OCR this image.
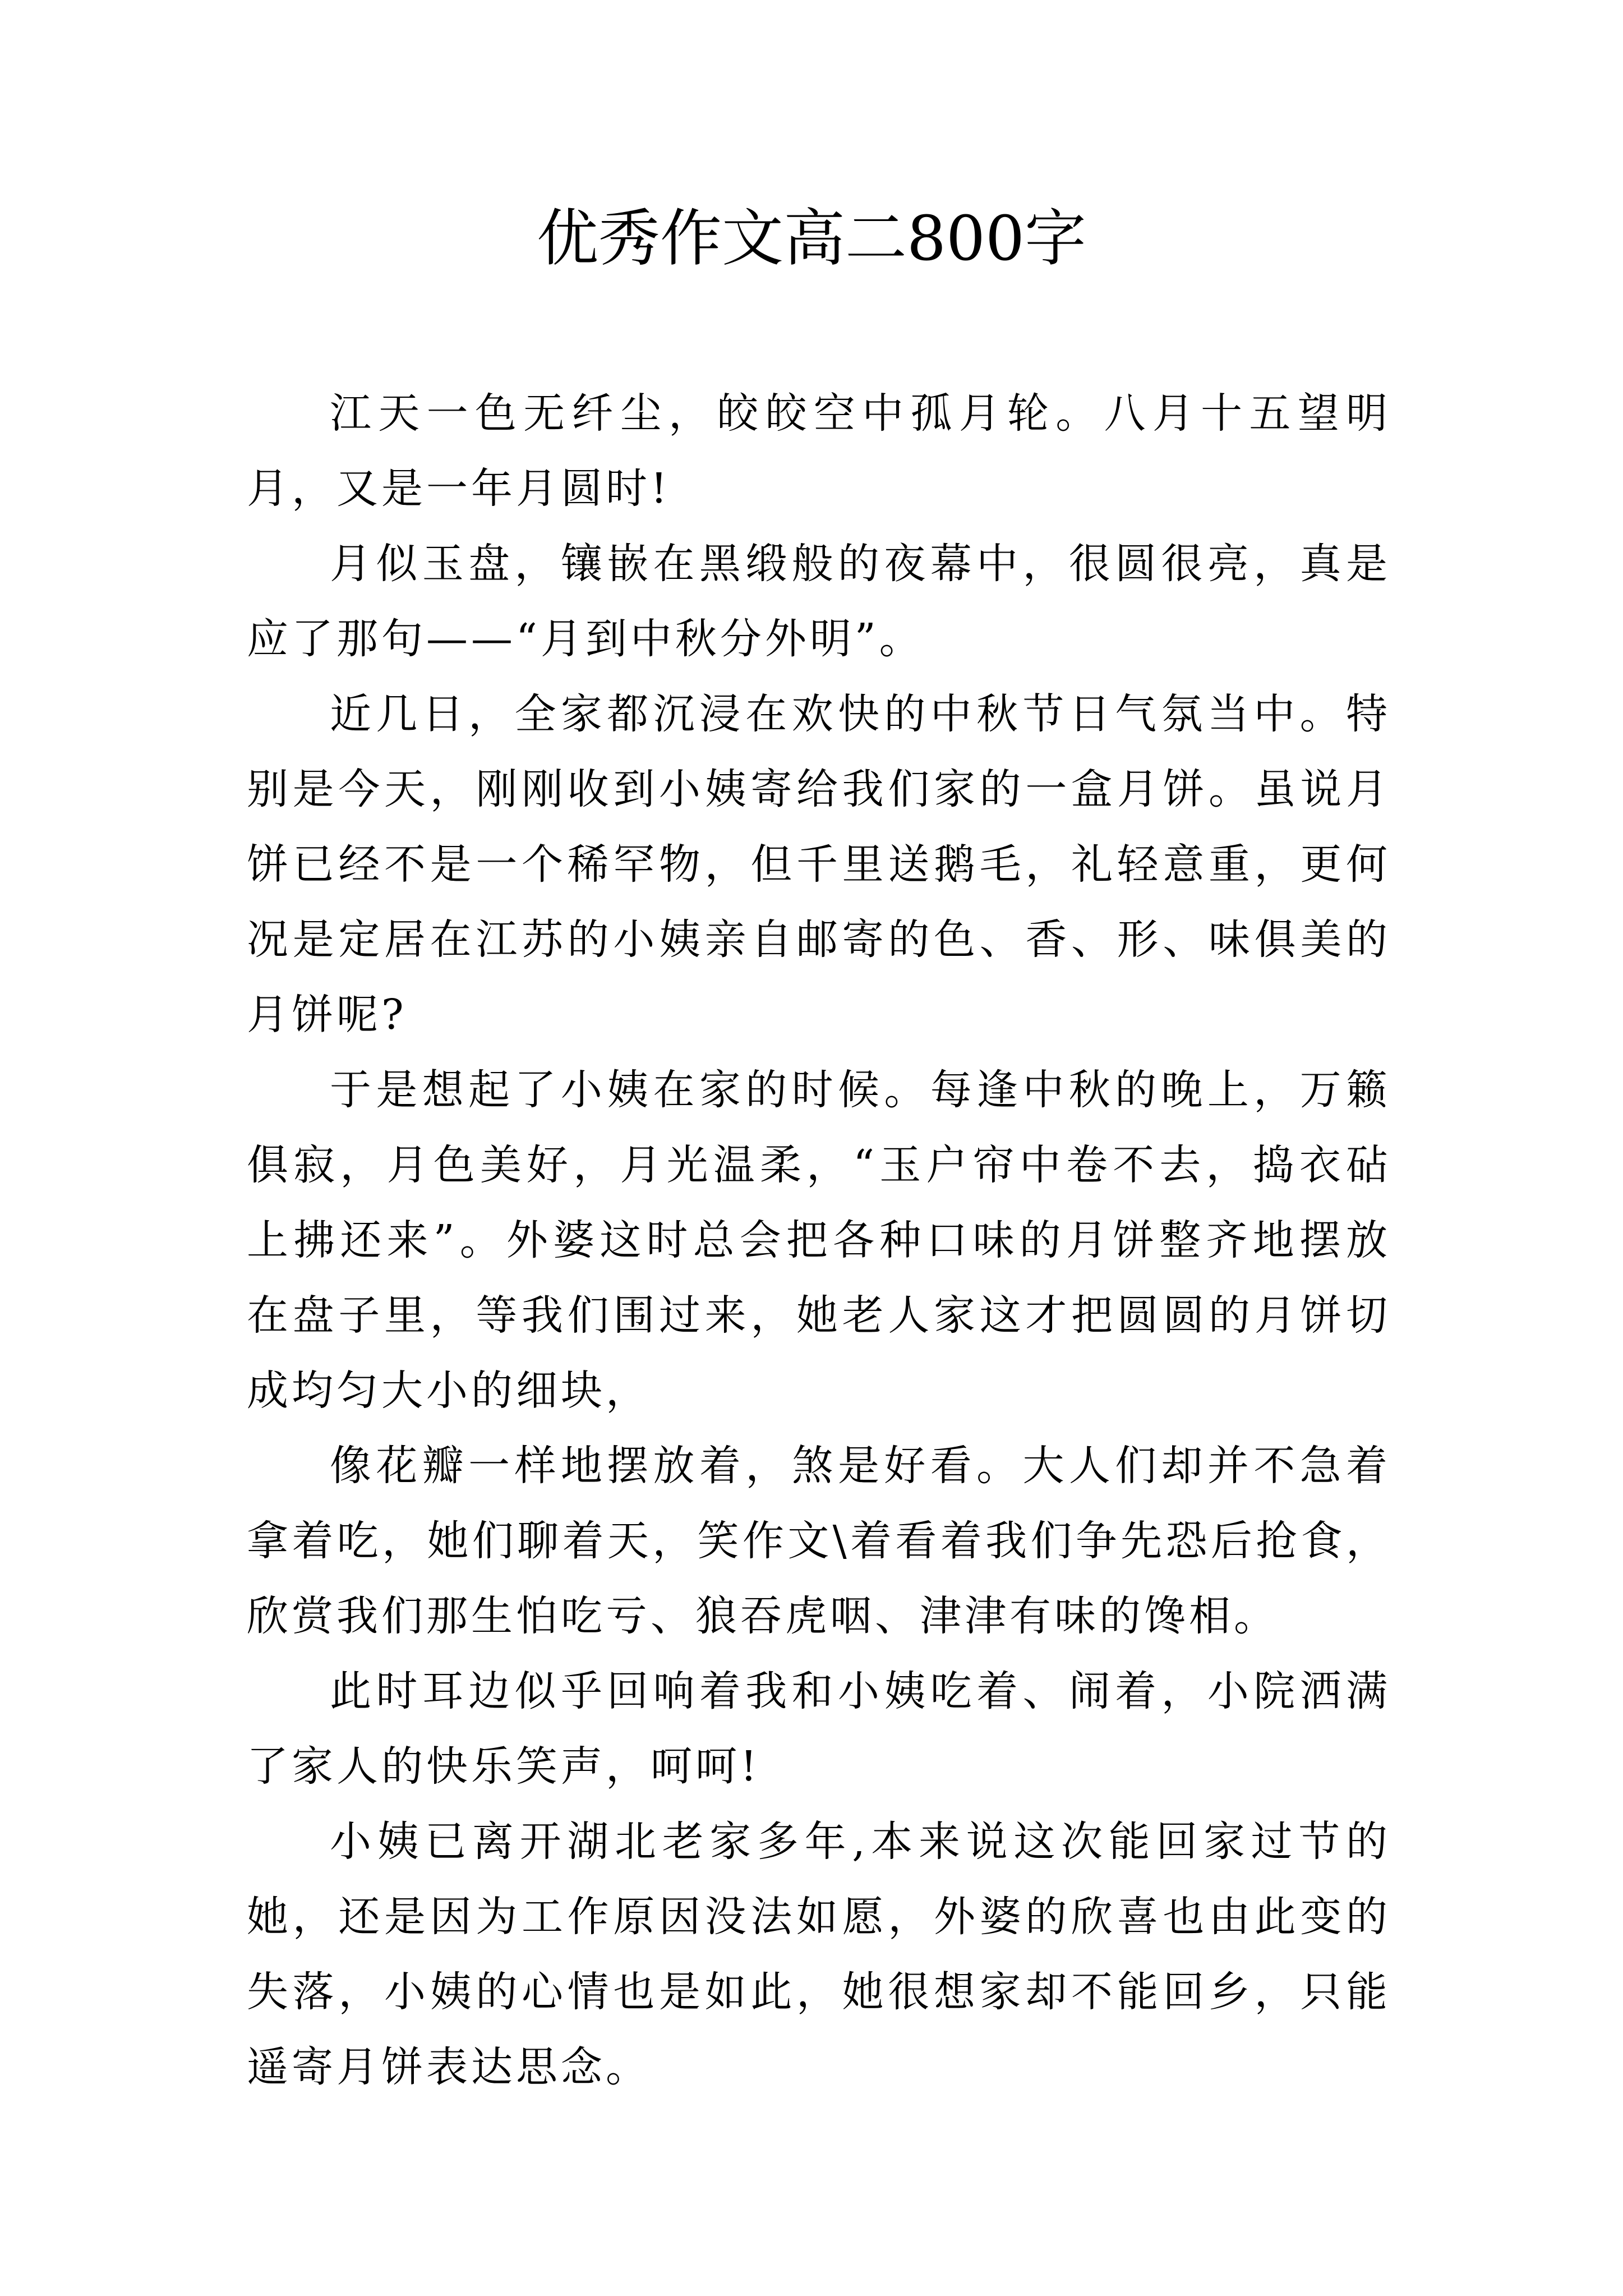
优秀作文高二800字

江天一色无纤尘，皎皎空中孤月轮。八月十五望明月，又是一年月圆时!

月似玉盘，镶嵌在黑缎般的夜幕中，很圆很亮，真是应了那句——“月到中秋分外明”。

近几日，全家都沉浸在欢快的中秋节日气氛当中。特别是今天，刚刚收到小姨寄给我们家的一盒月饼。虽说月饼已经不是一个稀罕物，但千里送鹅毛，礼轻意重，更何况是定居在江苏的小姨亲自邮寄的色、香、形、味俱美的月饼呢?

于是想起了小姨在家的时候。每逢中秋的晚上，万籁俱寂，月色美好，月光温柔，“玉户帘中卷不去，捣衣砧上拂还来”。外婆这时总会把各种口味的月饼整齐地摆放在盘子里，等我们围过来，她老人家这才把圆圆的月饼切成均匀大小的细块，

像花瓣一样地摆放着，煞是好看。大人们却并不急着拿着吃，她们聊着天，笑作文\着看着我们争先恐后抢食，欣赏我们那生怕吃亏、狼吞虎咽、津津有味的馋相。

此时耳边似乎回响着我和小姨吃着、闹着，小院洒满了家人的快乐笑声，呵呵!

小姨已离开湖北老家多年,本来说这次能回家过节的她，还是因为工作原因没法如愿，外婆的欣喜也由此变的失落，小姨的心情也是如此，她很想家却不能回乡，只能遥寄月饼表达思念。
